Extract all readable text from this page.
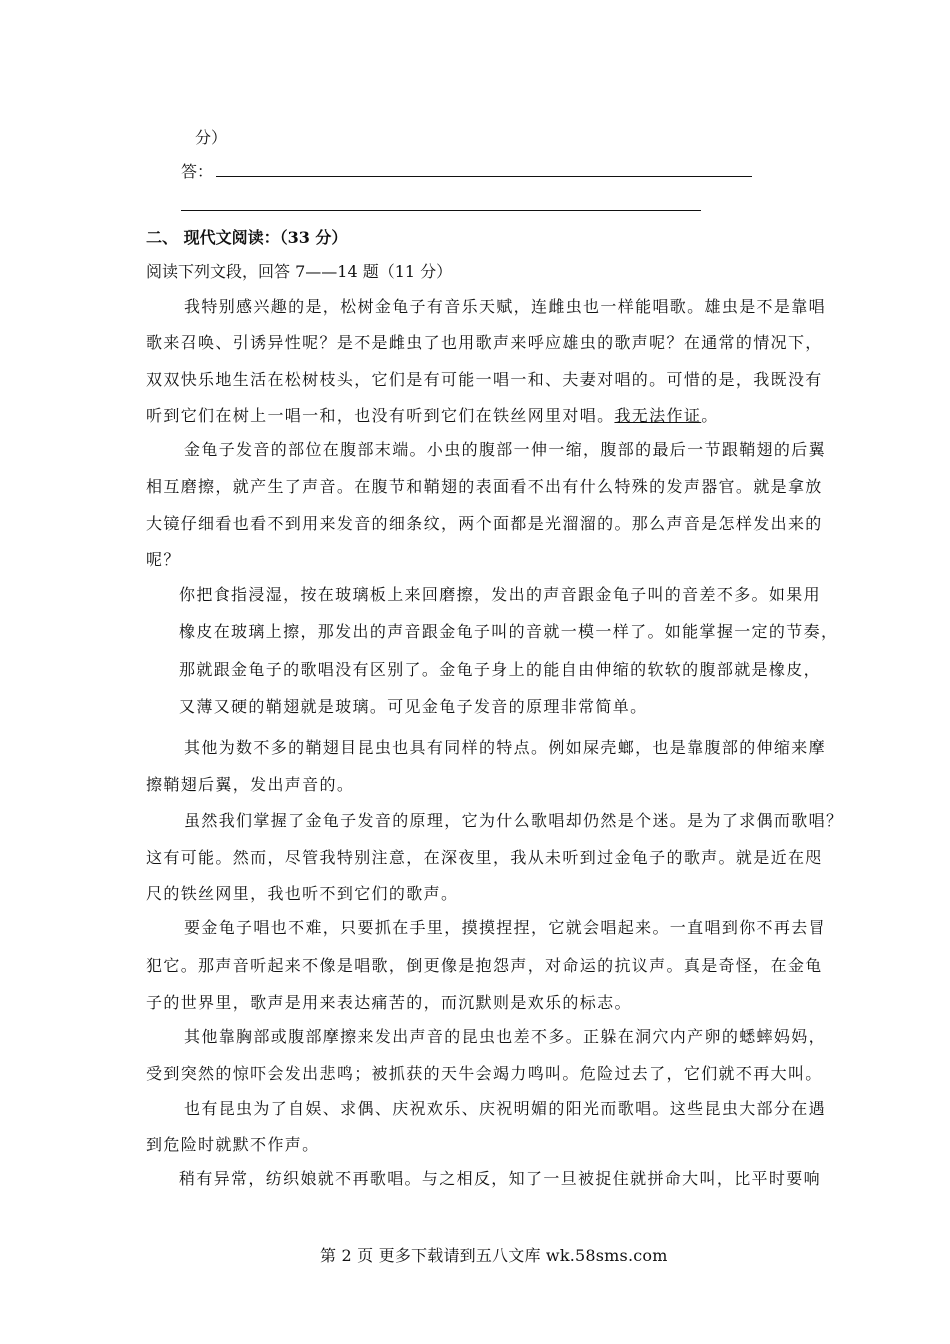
分）
答：
二、 现代文阅读：（33 分）
阅读下列文段，回答 7——14 题（11 分）
我特别感兴趣的是，松树金龟子有音乐天赋，连雌虫也一样能唱歌。雄虫是不是靠唱
歌来召唤、引诱异性呢？是不是雌虫了也用歌声来呼应雄虫的歌声呢？在通常的情况下，
双双快乐地生活在松树枝头，它们是有可能一唱一和、夫妻对唱的。可惜的是，我既没有
听到它们在树上一唱一和，也没有听到它们在铁丝网里对唱。我无法作证。
金龟子发音的部位在腹部末端。小虫的腹部一伸一缩，腹部的最后一节跟鞘翅的后翼
相互磨擦，就产生了声音。在腹节和鞘翅的表面看不出有什么特殊的发声器官。就是拿放
大镜仔细看也看不到用来发音的细条纹，两个面都是光溜溜的。那么声音是怎样发出来的
呢？
你把食指浸湿，按在玻璃板上来回磨擦，发出的声音跟金龟子叫的音差不多。如果用
橡皮在玻璃上擦，那发出的声音跟金龟子叫的音就一模一样了。如能掌握一定的节奏，
那就跟金龟子的歌唱没有区别了。金龟子身上的能自由伸缩的软软的腹部就是橡皮，
又薄又硬的鞘翅就是玻璃。可见金龟子发音的原理非常简单。
其他为数不多的鞘翅目昆虫也具有同样的特点。例如屎壳螂，也是靠腹部的伸缩来摩
擦鞘翅后翼，发出声音的。
虽然我们掌握了金龟子发音的原理，它为什么歌唱却仍然是个迷。是为了求偶而歌唱？
这有可能。然而，尽管我特别注意，在深夜里，我从未听到过金龟子的歌声。就是近在咫
尺的铁丝网里，我也听不到它们的歌声。
要金龟子唱也不难，只要抓在手里，摸摸捏捏，它就会唱起来。一直唱到你不再去冒
犯它。那声音听起来不像是唱歌，倒更像是抱怨声，对命运的抗议声。真是奇怪，在金龟
子的世界里，歌声是用来表达痛苦的，而沉默则是欢乐的标志。
其他靠胸部或腹部摩擦来发出声音的昆虫也差不多。正躲在洞穴内产卵的蟋蟀妈妈，
受到突然的惊吓会发出悲鸣；被抓获的天牛会竭力鸣叫。危险过去了，它们就不再大叫。
也有昆虫为了自娱、求偶、庆祝欢乐、庆祝明媚的阳光而歌唱。这些昆虫大部分在遇
到危险时就默不作声。
稍有异常，纺织娘就不再歌唱。与之相反，知了一旦被捉住就拼命大叫，比平时要响
第 2 页 更多下载请到五八文库 wk.58sms.com
